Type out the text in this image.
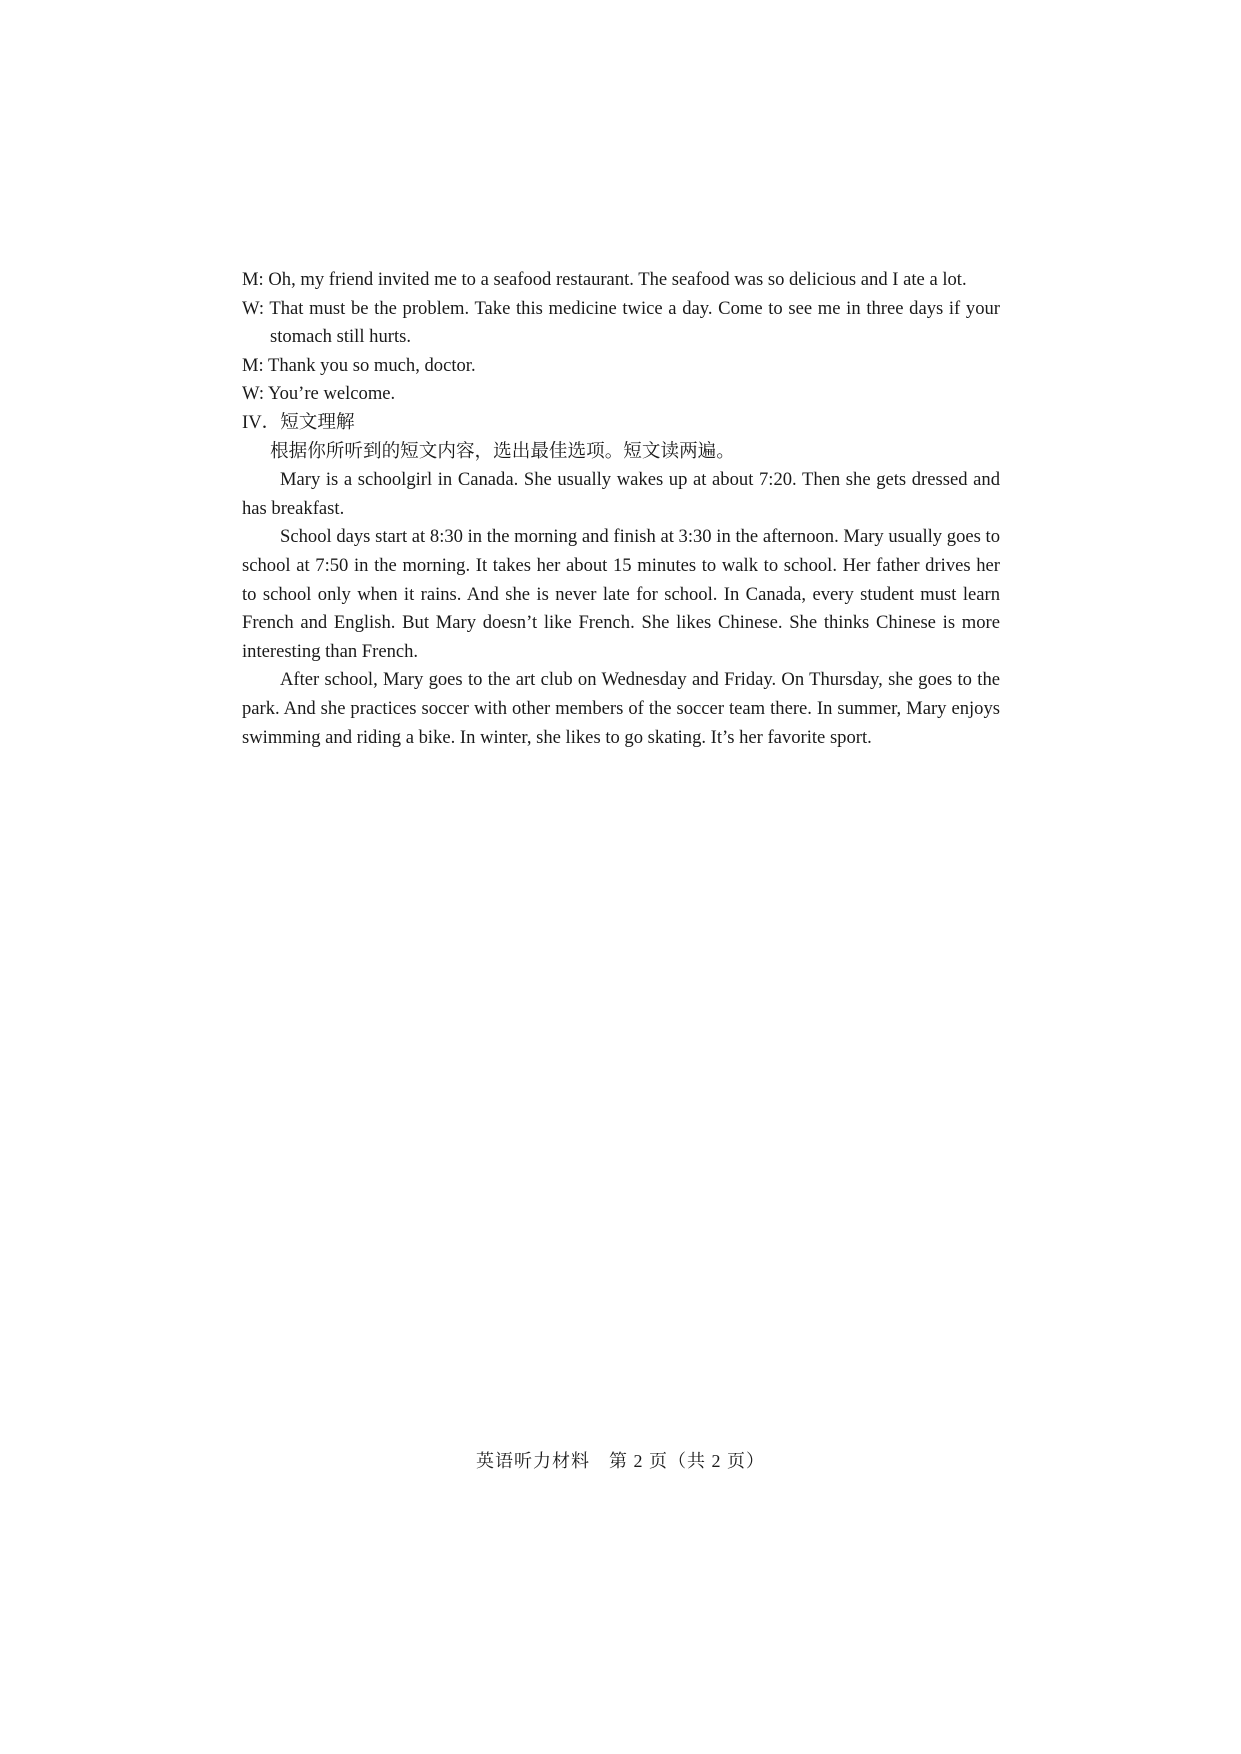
M: Oh, my friend invited me to a seafood restaurant. The seafood was so delicious and I ate a lot.

W: That must be the problem. Take this medicine twice a day. Come to see me in three days if your stomach still hurts.

M: Thank you so much, doctor.

W: You’re welcome.

IV．短文理解

根据你所听到的短文内容，选出最佳选项。短文读两遍。

Mary is a schoolgirl in Canada. She usually wakes up at about 7:20. Then she gets dressed and has breakfast.

School days start at 8:30 in the morning and finish at 3:30 in the afternoon. Mary usually goes to school at 7:50 in the morning. It takes her about 15 minutes to walk to school. Her father drives her to school only when it rains. And she is never late for school. In Canada, every student must learn French and English. But Mary doesn’t like French. She likes Chinese. She thinks Chinese is more interesting than French.

After school, Mary goes to the art club on Wednesday and Friday. On Thursday, she goes to the park. And she practices soccer with other members of the soccer team there. In summer, Mary enjoys swimming and riding a bike. In winter, she likes to go skating. It’s her favorite sport.

英语听力材料　第 2 页（共 2 页）
